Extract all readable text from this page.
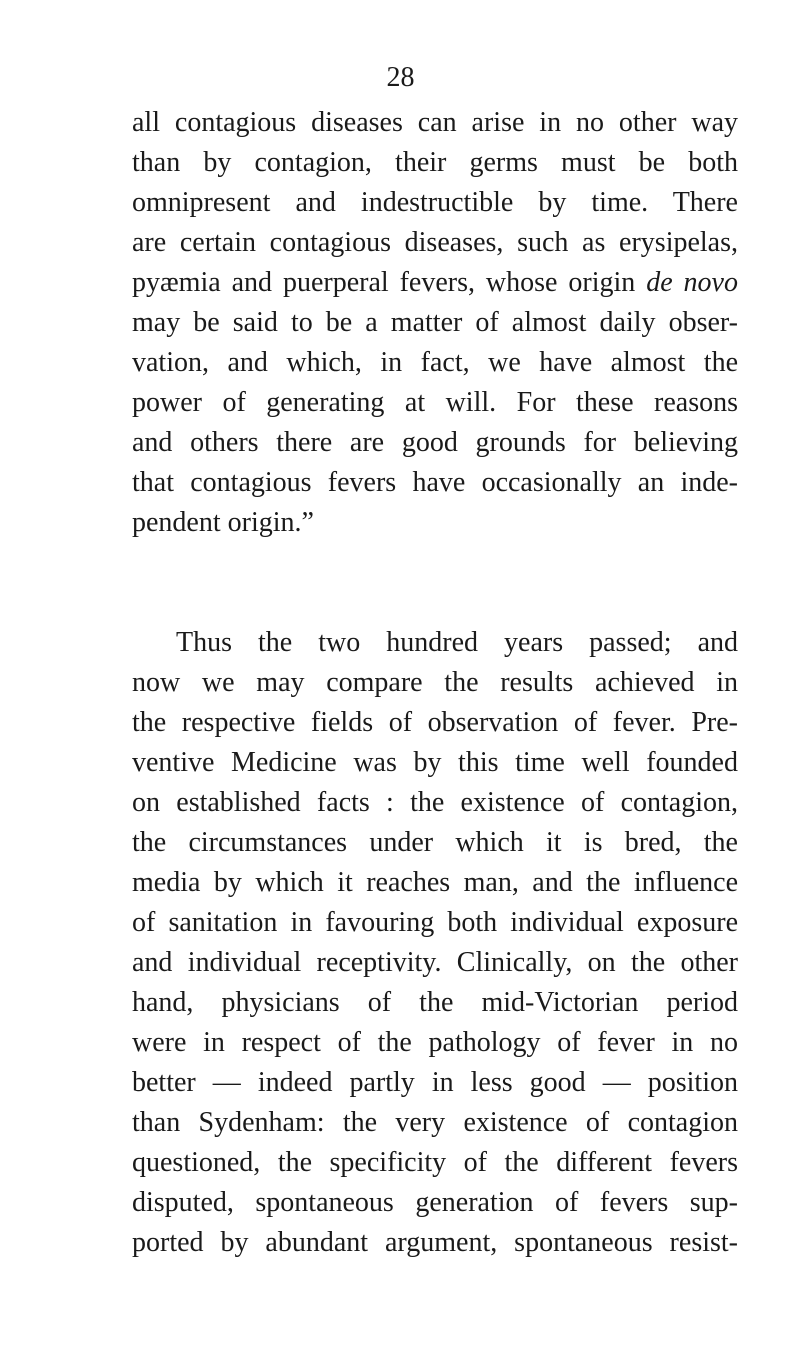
28
all contagious diseases can arise in no other way
than by contagion, their germs must be both
omnipresent and indestructible by time. There
are certain contagious diseases, such as erysipelas,
pyæmia and puerperal fevers, whose origin de novo
may be said to be a matter of almost daily obser-
vation, and which, in fact, we have almost the
power of generating at will. For these reasons
and others there are good grounds for believing
that contagious fevers have occasionally an inde-
pendent origin.”
Thus the two hundred years passed; and
now we may compare the results achieved in
the respective fields of observation of fever. Pre-
ventive Medicine was by this time well founded
on established facts : the existence of contagion,
the circumstances under which it is bred, the
media by which it reaches man, and the influence
of sanitation in favouring both individual exposure
and individual receptivity. Clinically, on the other
hand, physicians of the mid-Victorian period
were in respect of the pathology of fever in no
better — indeed partly in less good — position
than Sydenham: the very existence of contagion
questioned, the specificity of the different fevers
disputed, spontaneous generation of fevers sup-
ported by abundant argument, spontaneous resist-
